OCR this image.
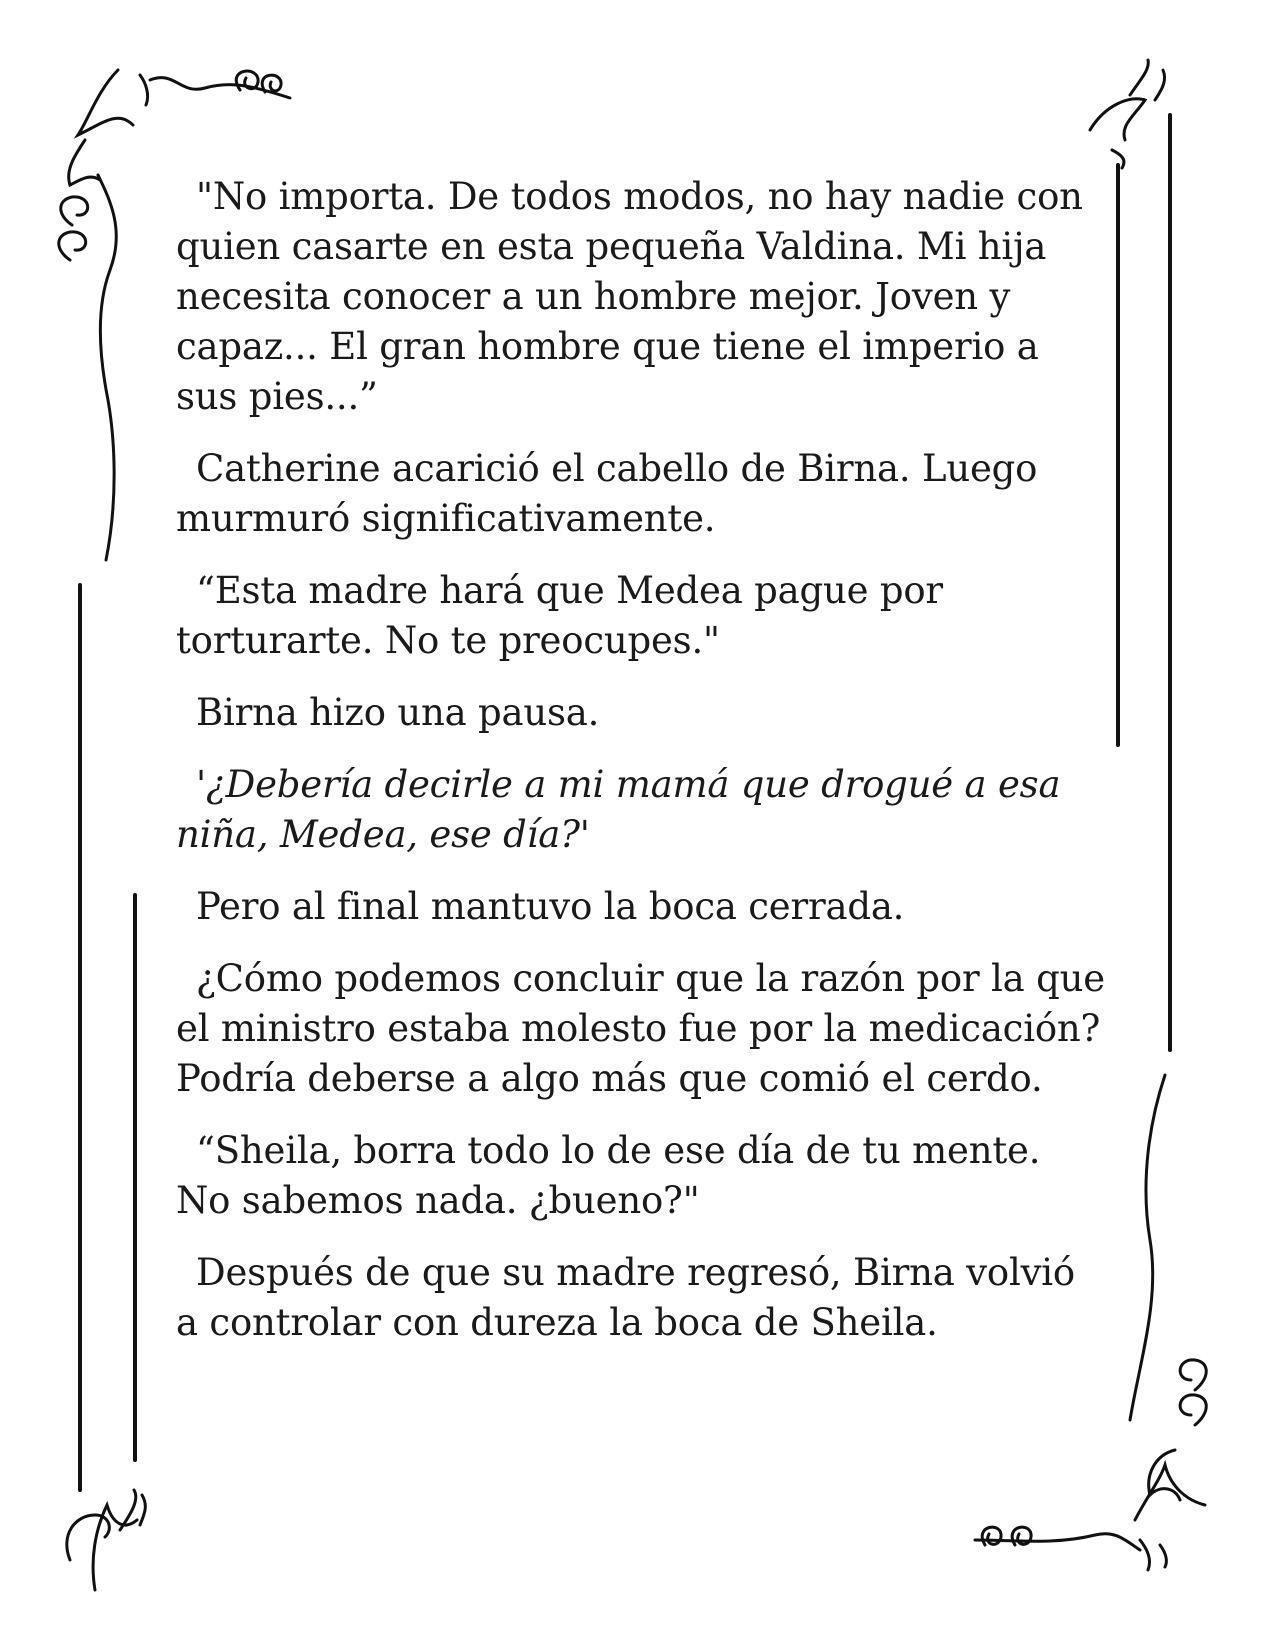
"No importa. De todos modos, no hay nadie con quien casarte en esta pequeña Valdina. Mi hija necesita conocer a un hombre mejor. Joven y capaz... El gran hombre que tiene el imperio a sus pies...”

Catherine acarició el cabello de Birna. Luego murmuró significativamente.

“Esta madre hará que Medea pague por torturarte. No te preocupes."

Birna hizo una pausa.

'¿Debería decirle a mi mamá que drogué a esa niña, Medea, ese día?'

Pero al final mantuvo la boca cerrada.

¿Cómo podemos concluir que la razón por la que el ministro estaba molesto fue por la medicación? Podría deberse a algo más que comió el cerdo.

“Sheila, borra todo lo de ese día de tu mente. No sabemos nada. ¿bueno?"

Después de que su madre regresó, Birna volvió a controlar con dureza la boca de Sheila.
